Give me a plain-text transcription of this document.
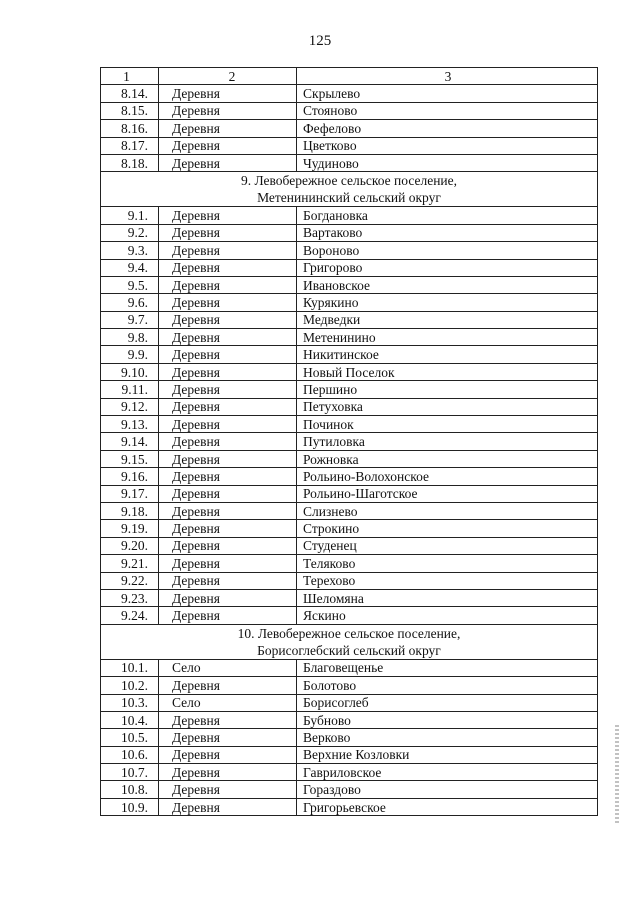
125
1	2	3
8.14.	Деревня	Скрылево
8.15.	Деревня	Стояново
8.16.	Деревня	Фефелово
8.17.	Деревня	Цветково
8.18.	Деревня	Чудиново

9. Левобережное сельское поселение,
Метенининский сельский округ		

9.1.	Деревня	Богдановка
9.2.	Деревня	Вартаково
9.3.	Деревня	Вороново
9.4.	Деревня	Григорово
9.5.	Деревня	Ивановское
9.6.	Деревня	Курякино
9.7.	Деревня	Медведки
9.8.	Деревня	Метенинино
9.9.	Деревня	Никитинское
9.10.	Деревня	Новый Поселок
9.11.	Деревня	Першино
9.12.	Деревня	Петуховка
9.13.	Деревня	Починок
9.14.	Деревня	Путиловка
9.15.	Деревня	Рожновка
9.16.	Деревня	Рольино-Волохонское
9.17.	Деревня	Рольино-Шаготское
9.18.	Деревня	Слизнево
9.19.	Деревня	Строкино
9.20.	Деревня	Студенец
9.21.	Деревня	Теляково
9.22.	Деревня	Терехово
9.23.	Деревня	Шеломяна
9.24.	Деревня	Яскино

10. Левобережное сельское поселение,
Борисоглебский сельский округ		

10.1.	Село	Благовещенье
10.2.	Деревня	Болотово
10.3.	Село	Борисоглеб
10.4.	Деревня	Бубново
10.5.	Деревня	Верково
10.6.	Деревня	Верхние Козловки
10.7.	Деревня	Гавриловское
10.8.	Деревня	Гораздово
10.9.	Деревня	Григорьевское
